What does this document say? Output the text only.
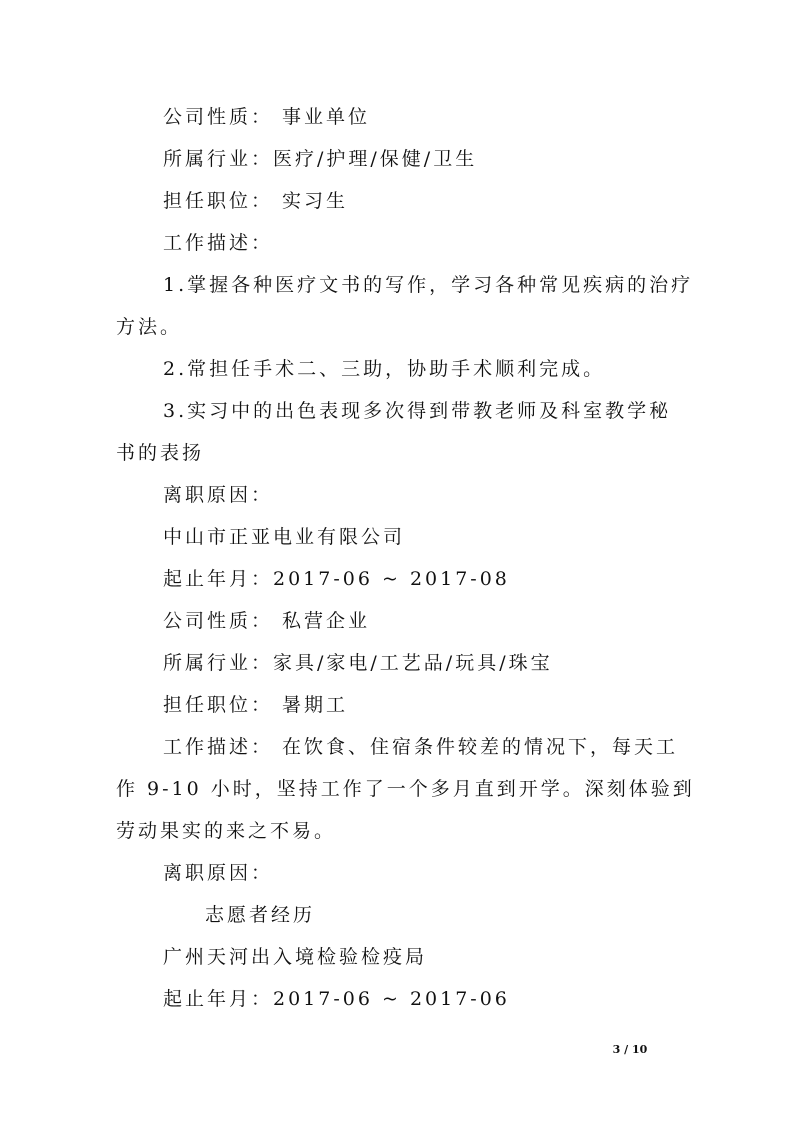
公司性质： 事业单位
所属行业：医疗/护理/保健/卫生
担任职位： 实习生
工作描述：
1.掌握各种医疗文书的写作，学习各种常见疾病的治疗
方法。
2.常担任手术二、三助，协助手术顺利完成。
3.实习中的出色表现多次得到带教老师及科室教学秘
书的表扬
离职原因：
中山市正亚电业有限公司
起止年月：2017-06 ~ 2017-08
公司性质： 私营企业
所属行业：家具/家电/工艺品/玩具/珠宝
担任职位： 暑期工
工作描述： 在饮食、住宿条件较差的情况下，每天工
作 9-10 小时，坚持工作了一个多月直到开学。深刻体验到
劳动果实的来之不易。
离职原因：
志愿者经历
广州天河出入境检验检疫局
起止年月：2017-06 ~ 2017-06
3 / 10
